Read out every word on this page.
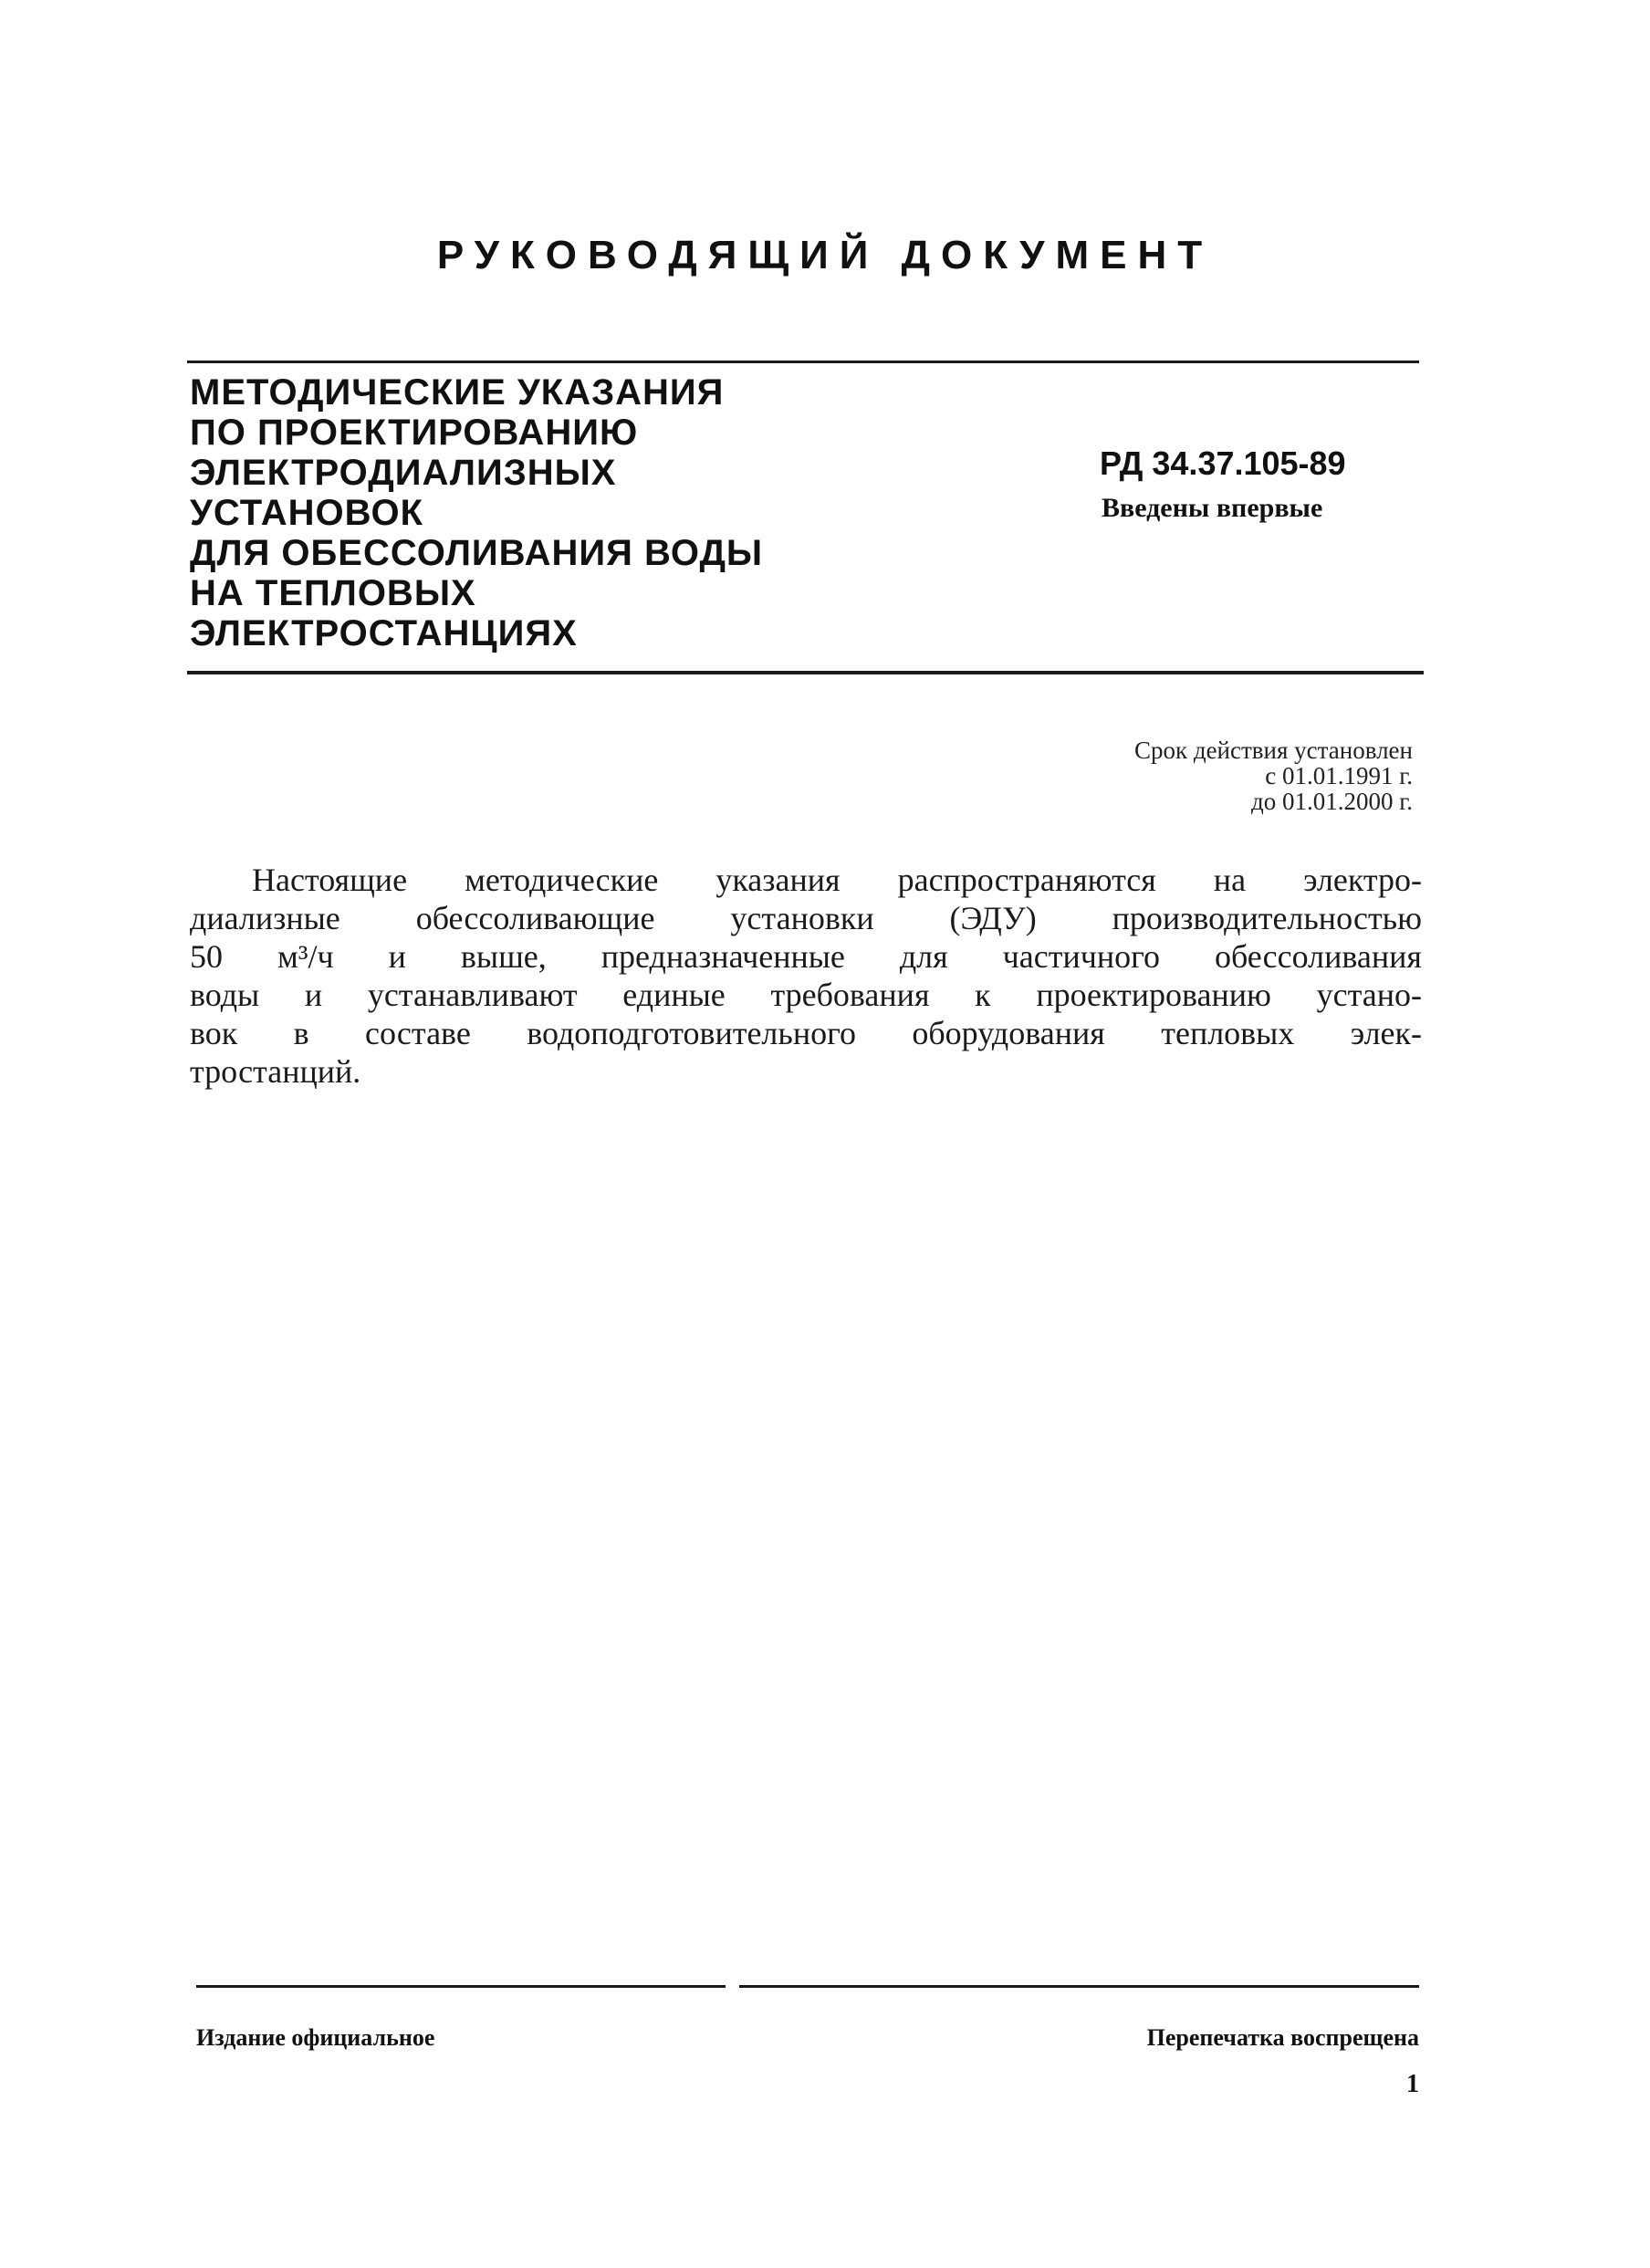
РУКОВОДЯЩИЙ ДОКУМЕНТ
МЕТОДИЧЕСКИЕ УКАЗАНИЯ
ПО ПРОЕКТИРОВАНИЮ
ЭЛЕКТРОДИАЛИЗНЫХ
УСТАНОВОК
ДЛЯ ОБЕССОЛИВАНИЯ ВОДЫ
НА ТЕПЛОВЫХ
ЭЛЕКТРОСТАНЦИЯХ
РД 34.37.105-89
Введены впервые
Срок действия установлен
с 01.01.1991 г.
до 01.01.2000 г.
Настоящие методические указания распространяются на электро-
диализные обессоливающие установки (ЭДУ) производительностью
50 м³/ч и выше, предназначенные для частичного обессоливания
воды и устанавливают единые требования к проектированию устано-
вок в составе водоподготовительного оборудования тепловых элек-
тростанций.
Издание официальное	Перепечатка воспрещена
1
